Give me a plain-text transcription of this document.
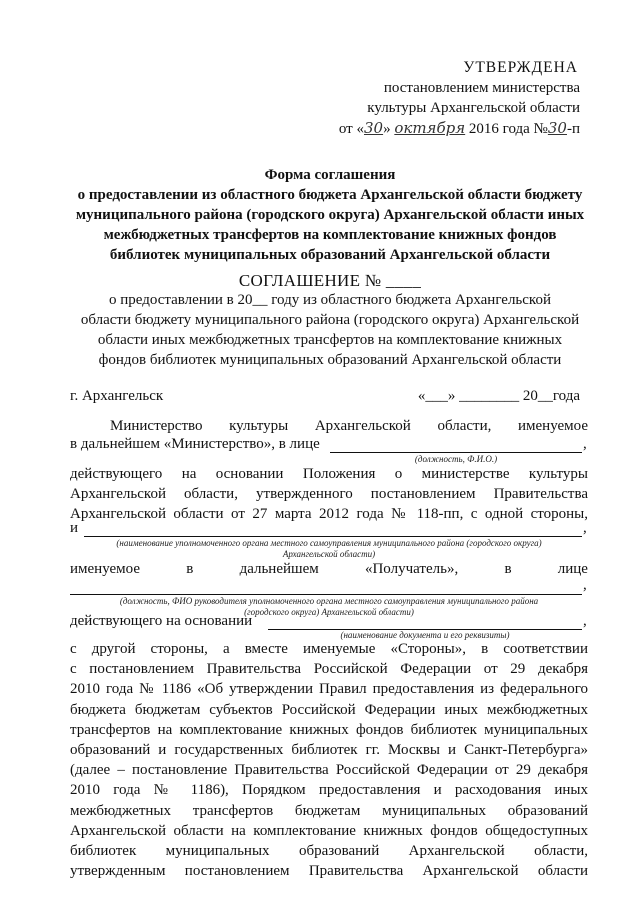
УТВЕРЖДЕНА
постановлением министерства
культуры Архангельской области
от «30» октября 2016 года №30-п
Форма соглашения
о предоставлении из областного бюджета Архангельской области бюджету
муниципального района (городского округа) Архангельской области иных
межбюджетных трансфертов на комплектование книжных фондов
библиотек муниципальных образований Архангельской области
СОГЛАШЕНИЕ № ____
о предоставлении в 20__ году из областного бюджета Архангельской
области бюджету муниципального района (городского округа) Архангельской
области иных межбюджетных трансфертов на комплектование книжных
фондов библиотек муниципальных образований Архангельской области
г. Архангельск	«___» ________ 20__года
Министерство культуры Архангельской области, именуемое
в дальнейшем «Министерство», в лице	,
(должность, Ф.И.О.)
действующего на основании Положения о министерстве культуры
Архангельской области, утвержденного постановлением Правительства
Архангельской области от 27 марта 2012 года № 118-пп, с одной стороны,
и	,
(наименование уполномоченного органа местного самоуправления муниципального района (городского округа)
Архангельской области)
именуемое	в	дальнейшем	«Получатель»,	в	лице
,
(должность, ФИО руководителя уполномоченного органа местного самоуправления муниципального района
(городского округа) Архангельской области)
действующего на основании	,
(наименование документа и его реквизиты)
с другой стороны, а вместе именуемые «Стороны», в соответствии
с постановлением Правительства Российской Федерации от 29 декабря
2010 года № 1186 «Об утверждении Правил предоставления из федерального
бюджета бюджетам субъектов Российской Федерации иных межбюджетных
трансфертов на комплектование книжных фондов библиотек муниципальных
образований и государственных библиотек гг. Москвы и Санкт-Петербурга»
(далее – постановление Правительства Российской Федерации от 29 декабря
2010 года № 1186), Порядком предоставления и расходования иных
межбюджетных трансфертов бюджетам муниципальных образований
Архангельской области на комплектование книжных фондов общедоступных
библиотек муниципальных образований Архангельской области,
утвержденным постановлением Правительства Архангельской области
